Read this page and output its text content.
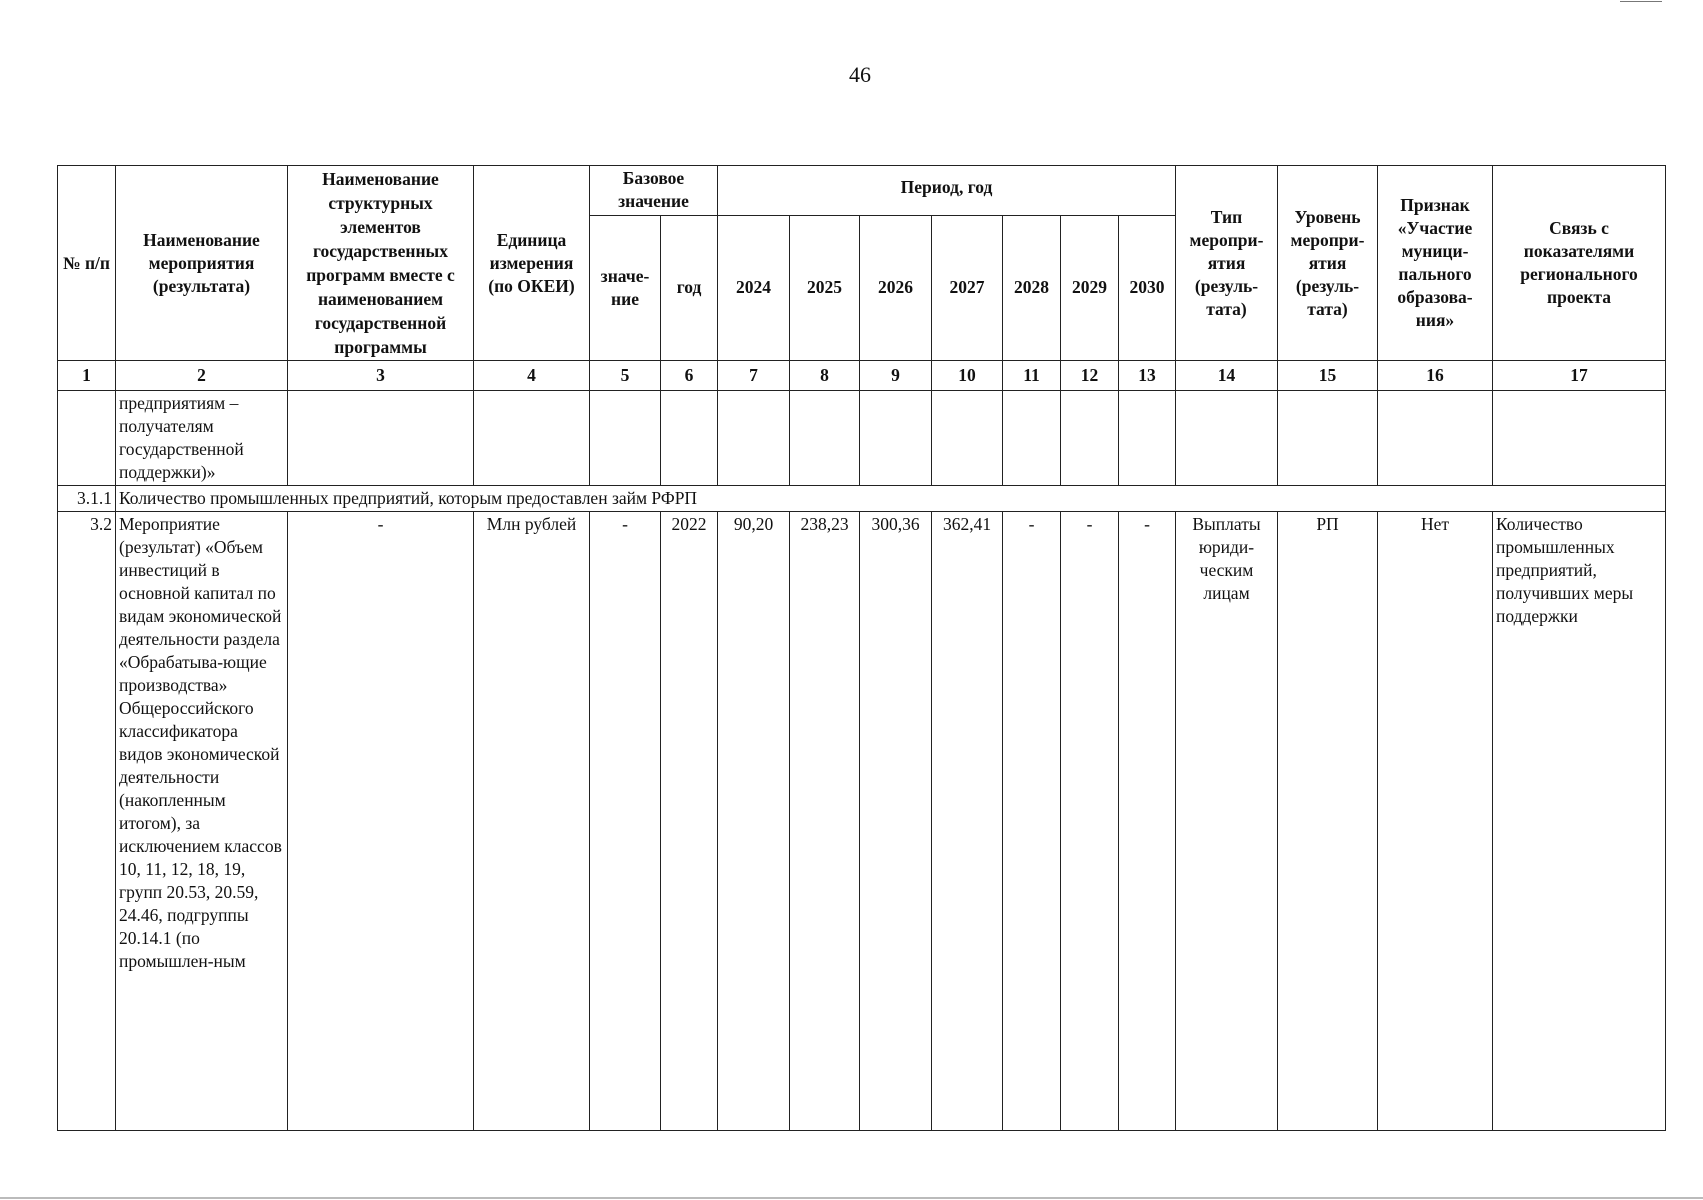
46
№ п/п	Наименование мероприятия (результата)	Наименование структурных элементов государственных программ вместе с наименованием государственной программы	Единица измерения (по ОКЕИ)	Базовое значение		Период, год							Тип меропри-ятия (резуль-тата)	Уровень меропри-ятия (резуль-тата)	Признак «Участие муници-пального образова-ния»	Связь с показателями регионального проекта
				значе-ние	год	2024	2025	2026	2027	2028	2029	2030				
1	2	3	4	5	6	7	8	9	10	11	12	13	14	15	16	17
	предприятиям – получателям государственной поддержки)»															
3.1.1	Количество промышленных предприятий, которым предоставлен займ РФРП															
3.2	Мероприятие (результат) «Объем инвестиций в основной капитал по видам экономической деятельности раздела «Обрабатыва-ющие производства» Общероссийского классификатора видов экономической деятельности (накопленным итогом), за исключением классов 10, 11, 12, 18, 19, групп 20.53, 20.59, 24.46, подгруппы 20.14.1 (по промышлен-ным	-	Млн рублей	-	2022	90,20	238,23	300,36	362,41	-	-	-	Выплаты юриди-ческим лицам	РП	Нет	Количество промышленных предприятий, получивших меры поддержки
